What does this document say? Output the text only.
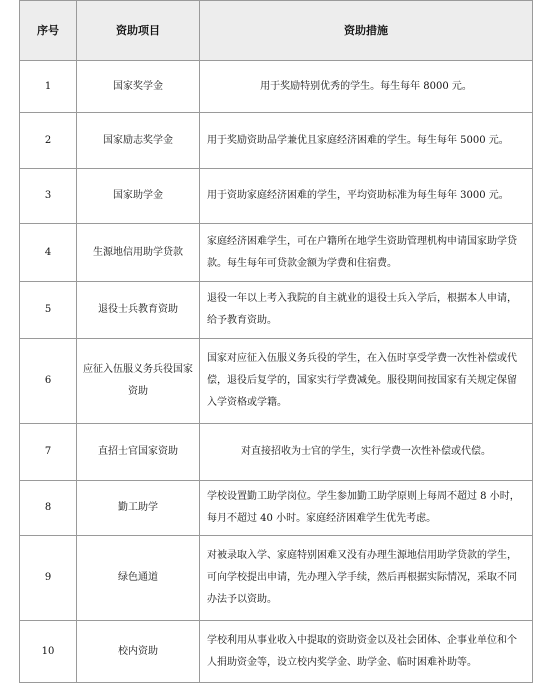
序号	资助项目	资助措施
1	国家奖学金	用于奖励特别优秀的学生。每生每年 8000 元。
2	国家励志奖学金	用于奖励资助品学兼优且家庭经济困难的学生。每生每年 5000 元。
3	国家助学金	用于资助家庭经济困难的学生，平均资助标准为每生每年 3000 元。
4	生源地信用助学贷款	家庭经济困难学生，可在户籍所在地学生资助管理机构申请国家助学贷款。每生每年可贷款金额为学费和住宿费。
5	退役士兵教育资助	退役一年以上考入我院的自主就业的退役士兵入学后，根据本人申请，给予教育资助。
6	应征入伍服义务兵役国家资助	国家对应征入伍服义务兵役的学生，在入伍时享受学费一次性补偿或代偿，退役后复学的，国家实行学费减免。服役期间按国家有关规定保留入学资格或学籍。
7	直招士官国家资助	对直接招收为士官的学生，实行学费一次性补偿或代偿。
8	勤工助学	学校设置勤工助学岗位。学生参加勤工助学原则上每周不超过 8 小时，每月不超过 40 小时。家庭经济困难学生优先考虑。
9	绿色通道	对被录取入学、家庭特别困难又没有办理生源地信用助学贷款的学生，可向学校提出申请，先办理入学手续，然后再根据实际情况，采取不同办法予以资助。
10	校内资助	学校利用从事业收入中提取的资助资金以及社会团体、企事业单位和个人捐助资金等，设立校内奖学金、助学金、临时困难补助等。
